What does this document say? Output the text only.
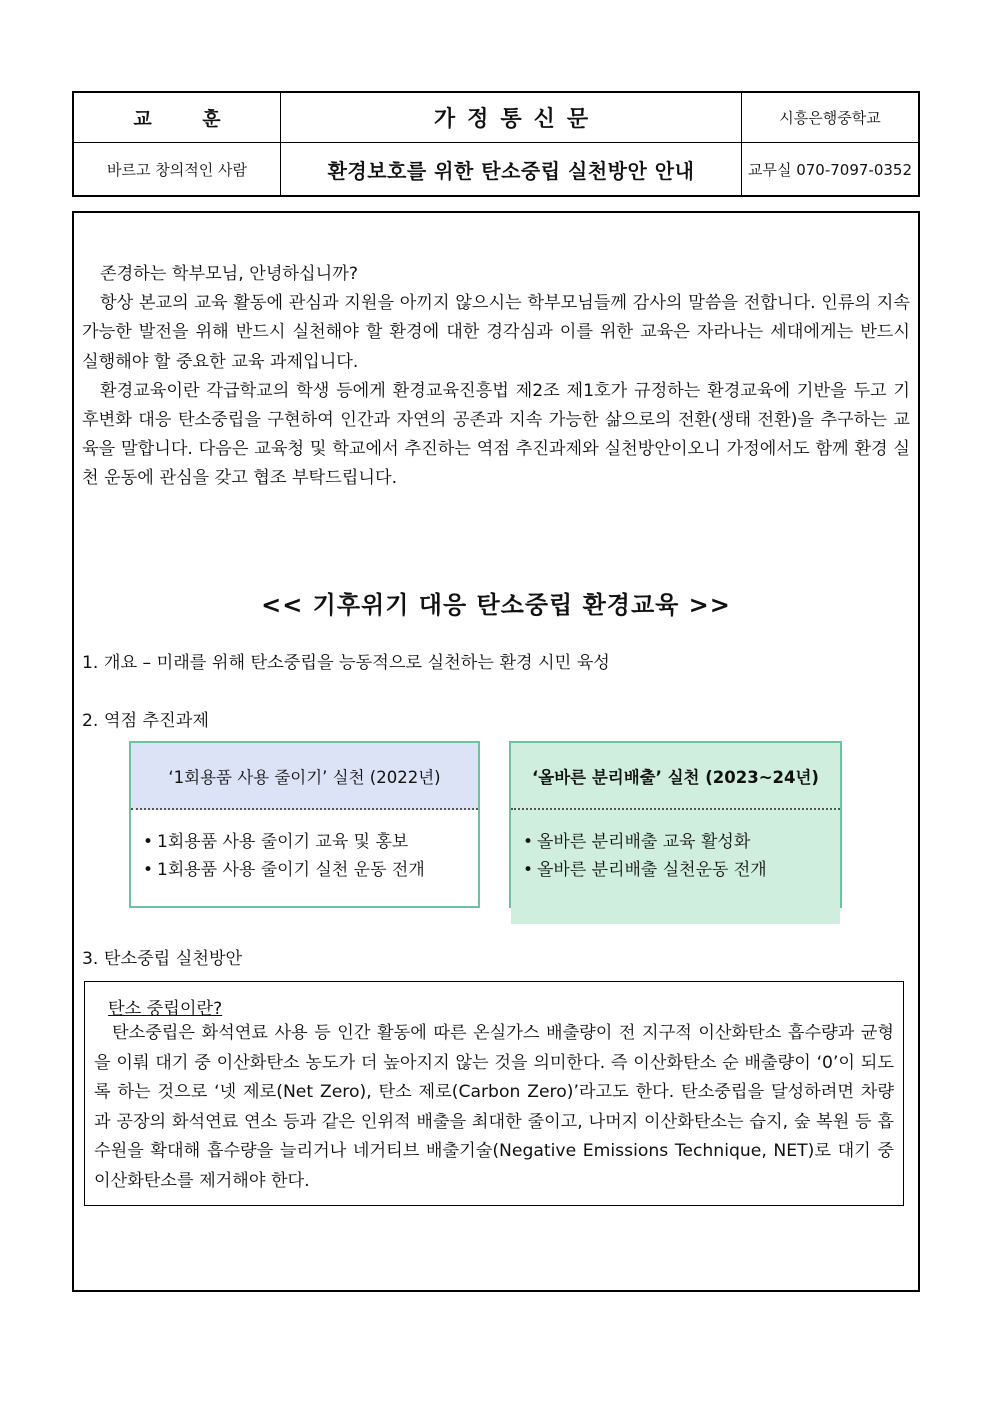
교 훈	가정통신문	시흥은행중학교
바르고 창의적인 사람	환경보호를 위한 탄소중립 실천방안 안내	교무실 070-7097-0352

존경하는 학부모님, 안녕하십니까?

항상 본교의 교육 활동에 관심과 지원을 아끼지 않으시는 학부모님들께 감사의 말씀을 전합니다. 인류의 지속 가능한 발전을 위해 반드시 실천해야 할 환경에 대한 경각심과 이를 위한 교육은 자라나는 세대에게는 반드시 실행해야 할 중요한 교육 과제입니다.

환경교육이란 각급학교의 학생 등에게 환경교육진흥법 제2조 제1호가 규정하는 환경교육에 기반을 두고 기후변화 대응 탄소중립을 구현하여 인간과 자연의 공존과 지속 가능한 삶으로의 전환(생태 전환)을 추구하는 교육을 말합니다. 다음은 교육청 및 학교에서 추진하는 역점 추진과제와 실천방안이오니 가정에서도 함께 환경 실천 운동에 관심을 갖고 협조 부탁드립니다.

<< 기후위기 대응 탄소중립 환경교육 >>
1. 개요 – 미래를 위해 탄소중립을 능동적으로 실천하는 환경 시민 육성
2. 역점 추진과제
‘1회용품 사용 줄이기’ 실천 (2022년)
• 1회용품 사용 줄이기 교육 및 홍보
• 1회용품 사용 줄이기 실천 운동 전개
‘올바른 분리배출’ 실천 (2023~24년)
• 올바른 분리배출 교육 활성화
• 올바른 분리배출 실천운동 전개
3. 탄소중립 실천방안
탄소 중립이란?
탄소중립은 화석연료 사용 등 인간 활동에 따른 온실가스 배출량이 전 지구적 이산화탄소 흡수량과 균형을 이뤄 대기 중 이산화탄소 농도가 더 높아지지 않는 것을 의미한다. 즉 이산화탄소 순 배출량이 ‘0’이 되도록 하는 것으로 ‘넷 제로(Net Zero), 탄소 제로(Carbon Zero)’라고도 한다. 탄소중립을 달성하려면 차량과 공장의 화석연료 연소 등과 같은 인위적 배출을 최대한 줄이고, 나머지 이산화탄소는 습지, 숲 복원 등 흡수원을 확대해 흡수량을 늘리거나 네거티브 배출기술(Negative Emissions Technique, NET)로 대기 중 이산화탄소를 제거해야 한다.
